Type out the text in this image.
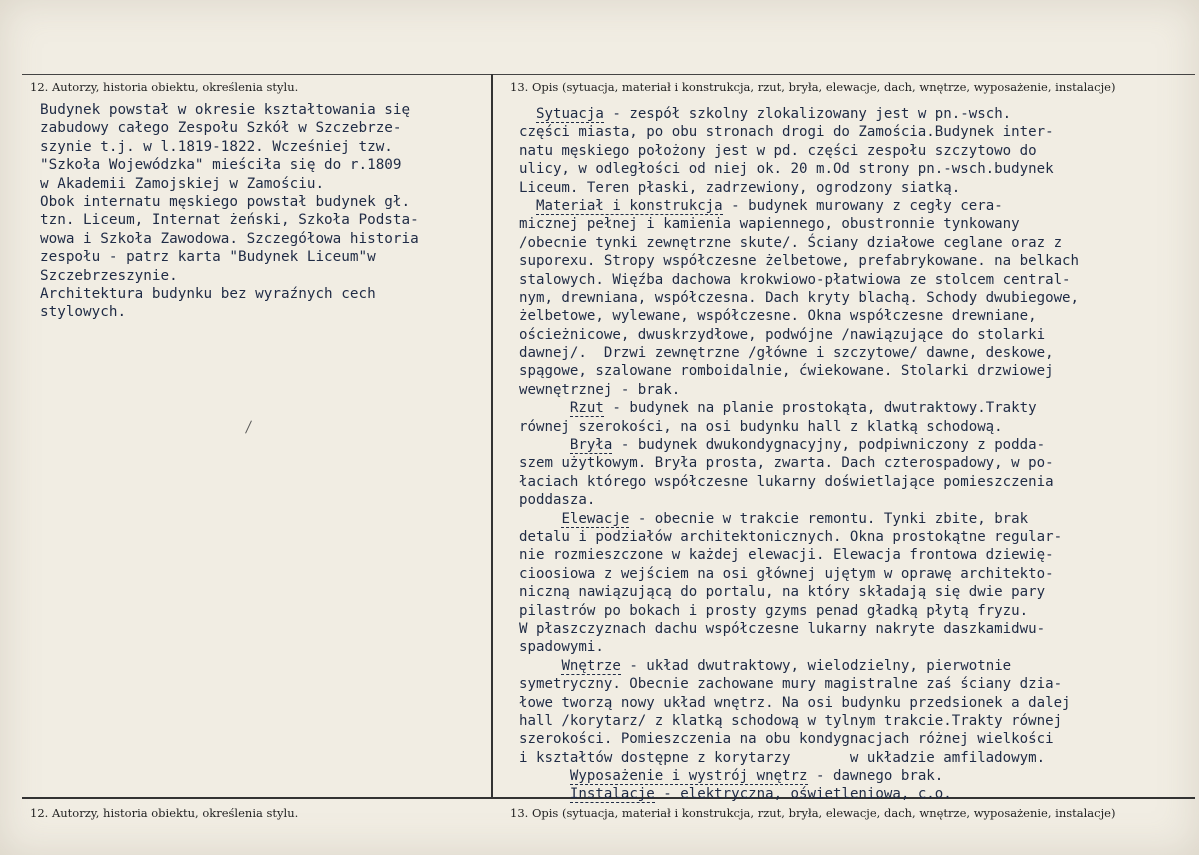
12. Autorzy, historia obiektu, określenia stylu.	13. Opis (sytuacja, materiał i konstrukcja, rzut, bryła, elewacje, dach, wnętrze, wyposażenie, instalacje)
12. Autorzy, historia obiektu, określenia stylu.	13. Opis (sytuacja, materiał i konstrukcja, rzut, bryła, elewacje, dach, wnętrze, wyposażenie, instalacje)
Budynek powstał w okresie kształtowania się
zabudowy całego Zespołu Szkół w Szczebrze-
szynie t.j. w l.1819-1822. Wcześniej tzw.
"Szkoła Wojewódzka" mieściła się do r.1809
w Akademii Zamojskiej w Zamościu.
Obok internatu męskiego powstał budynek gł.
tzn. Liceum, Internat żeński, Szkoła Podsta-
wowa i Szkoła Zawodowa. Szczegółowa historia
zespołu - patrz karta "Budynek Liceum"w
Szczebrzeszynie.
Architektura budynku bez wyraźnych cech
stylowych.
Sytuacja - zespół szkolny zlokalizowany jest w pn.-wsch.
części miasta, po obu stronach drogi do Zamościa.Budynek inter-
natu męskiego położony jest w pd. części zespołu szczytowo do
ulicy, w odległości od niej ok. 20 m.Od strony pn.-wsch.budynek
Liceum. Teren płaski, zadrzewiony, ogrodzony siatką.
Materiał i konstrukcja - budynek murowany z cegły cera-
micznej pełnej i kamienia wapiennego, obustronnie tynkowany
/obecnie tynki zewnętrzne skute/. Ściany działowe ceglane oraz z
suporexu. Stropy współczesne żelbetowe, prefabrykowane. na belkach
stalowych. Więźba dachowa krokwiowo-płatwiowa ze stolcem central-
nym, drewniana, współczesna. Dach kryty blachą. Schody dwubiegowe,
żelbetowe, wylewane, współczesne. Okna współczesne drewniane,
ościeżnicowe, dwuskrzydłowe, podwójne /nawiązujące do stolarki
dawnej/.  Drzwi zewnętrzne /główne i szczytowe/ dawne, deskowe,
spągowe, szalowane romboidalnie, ćwiekowane. Stolarki drzwiowej
wewnętrznej - brak.
Rzut - budynek na planie prostokąta, dwutraktowy.Trakty
równej szerokości, na osi budynku hall z klatką schodową.
Bryła - budynek dwukondygnacyjny, podpiwniczony z podda-
szem użytkowym. Bryła prosta, zwarta. Dach czterospadowy, w po-
łaciach którego współczesne lukarny doświetlające pomieszczenia
poddasza.
Elewacje - obecnie w trakcie remontu. Tynki zbite, brak
detalu i podziałów architektonicznych. Okna prostokątne regular-
nie rozmieszczone w każdej elewacji. Elewacja frontowa dziewię-
cioosiowa z wejściem na osi głównej ujętym w oprawę architekto-
niczną nawiązującą do portalu, na który składają się dwie pary
pilastrów po bokach i prosty gzyms penad gładką płytą fryzu.
W płaszczyznach dachu współczesne lukarny nakryte daszkamidwu-
spadowymi.
Wnętrze - układ dwutraktowy, wielodzielny, pierwotnie
symetryczny. Obecnie zachowane mury magistralne zaś ściany dzia-
łowe tworzą nowy układ wnętrz. Na osi budynku przedsionek a dalej
hall /korytarz/ z klatką schodową w tylnym trakcie.Trakty równej
szerokości. Pomieszczenia na obu kondygnacjach różnej wielkości
i kształtów dostępne z korytarzy       w układzie amfiladowym.
Wyposażenie i wystrój wnętrz - dawnego brak.
Instalacje - elektryczna, oświetleniowa, c.o.
